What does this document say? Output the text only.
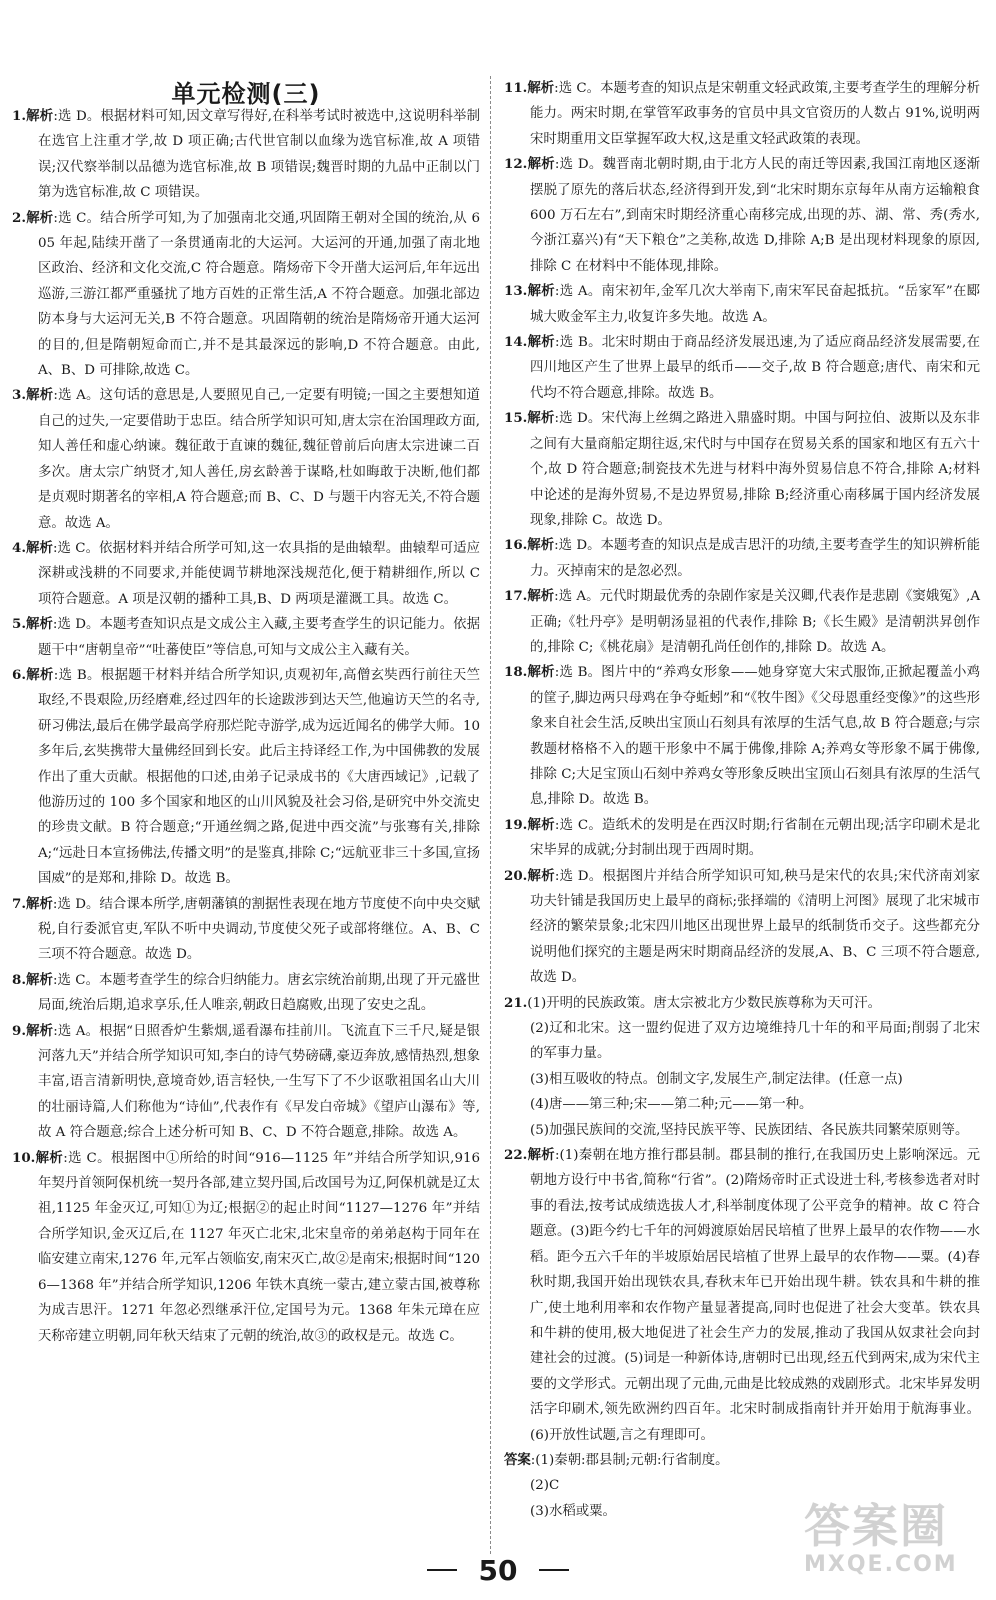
单元检测(三)

1.解析:选 D。根据材料可知,因文章写得好,在科举考试时被选中,这说明科举制在选官上注重才学,故 D 项正确;古代世官制以血缘为选官标准,故 A 项错误;汉代察举制以品德为选官标准,故 B 项错误;魏晋时期的九品中正制以门第为选官标准,故 C 项错误。

2.解析:选 C。结合所学可知,为了加强南北交通,巩固隋王朝对全国的统治,从 605 年起,陆续开凿了一条贯通南北的大运河。大运河的开通,加强了南北地区政治、经济和文化交流,C 符合题意。隋炀帝下令开凿大运河后,年年远出巡游,三游江都严重骚扰了地方百姓的正常生活,A 不符合题意。加强北部边防本身与大运河无关,B 不符合题意。巩固隋朝的统治是隋炀帝开通大运河的目的,但是隋朝短命而亡,并不是其最深远的影响,D 不符合题意。由此,A、B、D 可排除,故选 C。

3.解析:选 A。这句话的意思是,人要照见自己,一定要有明镜;一国之主要想知道自己的过失,一定要借助于忠臣。结合所学知识可知,唐太宗在治国理政方面,知人善任和虚心纳谏。魏征敢于直谏的魏征,魏征曾前后向唐太宗进谏二百多次。唐太宗广纳贤才,知人善任,房玄龄善于谋略,杜如晦敢于决断,他们都是贞观时期著名的宰相,A 符合题意;而 B、C、D 与题干内容无关,不符合题意。故选 A。

4.解析:选 C。依据材料并结合所学可知,这一农具指的是曲辕犁。曲辕犁可适应深耕或浅耕的不同要求,并能使调节耕地深浅规范化,便于精耕细作,所以 C 项符合题意。A 项是汉朝的播种工具,B、D 两项是灌溉工具。故选 C。

5.解析:选 D。本题考查知识点是文成公主入藏,主要考查学生的识记能力。依据题干中“唐朝皇帝”“吐蕃使臣”等信息,可知与文成公主入藏有关。

6.解析:选 B。根据题干材料并结合所学知识,贞观初年,高僧玄奘西行前往天竺取经,不畏艰险,历经磨难,经过四年的长途跋涉到达天竺,他遍访天竺的名寺,研习佛法,最后在佛学最高学府那烂陀寺游学,成为远近闻名的佛学大师。10 多年后,玄奘携带大量佛经回到长安。此后主持译经工作,为中国佛教的发展作出了重大贡献。根据他的口述,由弟子记录成书的《大唐西域记》,记载了他游历过的 100 多个国家和地区的山川风貌及社会习俗,是研究中外交流史的珍贵文献。B 符合题意;“开通丝绸之路,促进中西交流”与张骞有关,排除 A;“远赴日本宣扬佛法,传播文明”的是鉴真,排除 C;“远航亚非三十多国,宣扬国威”的是郑和,排除 D。故选 B。

7.解析:选 D。结合课本所学,唐朝藩镇的割据性表现在地方节度使不向中央交赋税,自行委派官吏,军队不听中央调动,节度使父死子或部将继位。A、B、C 三项不符合题意。故选 D。

8.解析:选 C。本题考查学生的综合归纳能力。唐玄宗统治前期,出现了开元盛世局面,统治后期,追求享乐,任人唯亲,朝政日趋腐败,出现了安史之乱。

9.解析:选 A。根据“日照香炉生紫烟,遥看瀑布挂前川。飞流直下三千尺,疑是银河落九天”并结合所学知识可知,李白的诗气势磅礴,豪迈奔放,感情热烈,想象丰富,语言清新明快,意境奇妙,语言轻快,一生写下了不少讴歌祖国名山大川的壮丽诗篇,人们称他为“诗仙”,代表作有《早发白帝城》《望庐山瀑布》等,故 A 符合题意;综合上述分析可知 B、C、D 不符合题意,排除。故选 A。

10.解析:选 C。根据图中①所给的时间“916—1125 年”并结合所学知识,916 年契丹首领阿保机统一契丹各部,建立契丹国,后改国号为辽,阿保机就是辽太祖,1125 年金灭辽,可知①为辽;根据②的起止时间“1127—1276 年”并结合所学知识,金灭辽后,在 1127 年灭亡北宋,北宋皇帝的弟弟赵构于同年在临安建立南宋,1276 年,元军占领临安,南宋灭亡,故②是南宋;根据时间“1206—1368 年”并结合所学知识,1206 年铁木真统一蒙古,建立蒙古国,被尊称为成吉思汗。1271 年忽必烈继承汗位,定国号为元。1368 年朱元璋在应天称帝建立明朝,同年秋天结束了元朝的统治,故③的政权是元。故选 C。

11.解析:选 C。本题考查的知识点是宋朝重文轻武政策,主要考查学生的理解分析能力。两宋时期,在掌管军政事务的官员中具文官资历的人数占 91%,说明两宋时期重用文臣掌握军政大权,这是重文轻武政策的表现。

12.解析:选 D。魏晋南北朝时期,由于北方人民的南迁等因素,我国江南地区逐渐摆脱了原先的落后状态,经济得到开发,到“北宋时期东京每年从南方运输粮食 600 万石左右”,到南宋时期经济重心南移完成,出现的苏、湖、常、秀(秀水,今浙江嘉兴)有“天下粮仓”之美称,故选 D,排除 A;B 是出现材料现象的原因,排除 C 在材料中不能体现,排除。

13.解析:选 A。南宋初年,金军几次大举南下,南宋军民奋起抵抗。“岳家军”在郾城大败金军主力,收复许多失地。故选 A。

14.解析:选 B。北宋时期由于商品经济发展迅速,为了适应商品经济发展需要,在四川地区产生了世界上最早的纸币——交子,故 B 符合题意;唐代、南宋和元代均不符合题意,排除。故选 B。

15.解析:选 D。宋代海上丝绸之路进入鼎盛时期。中国与阿拉伯、波斯以及东非之间有大量商船定期往返,宋代时与中国存在贸易关系的国家和地区有五六十个,故 D 符合题意;制瓷技术先进与材料中海外贸易信息不符合,排除 A;材料中论述的是海外贸易,不是边界贸易,排除 B;经济重心南移属于国内经济发展现象,排除 C。故选 D。

16.解析:选 D。本题考查的知识点是成吉思汗的功绩,主要考查学生的知识辨析能力。灭掉南宋的是忽必烈。

17.解析:选 A。元代时期最优秀的杂剧作家是关汉卿,代表作是悲剧《窦娥冤》,A 正确;《牡丹亭》是明朝汤显祖的代表作,排除 B;《长生殿》是清朝洪昇创作的,排除 C;《桃花扇》是清朝孔尚任创作的,排除 D。故选 A。

18.解析:选 B。图片中的“养鸡女形象——她身穿宽大宋式服饰,正掀起覆盖小鸡的筐子,脚边两只母鸡在争夺蚯蚓”和“《牧牛图》《父母恩重经变像》”的这些形象来自社会生活,反映出宝顶山石刻具有浓厚的生活气息,故 B 符合题意;与宗教题材格格不入的题干形象中不属于佛像,排除 A;养鸡女等形象不属于佛像,排除 C;大足宝顶山石刻中养鸡女等形象反映出宝顶山石刻具有浓厚的生活气息,排除 D。故选 B。

19.解析:选 C。造纸术的发明是在西汉时期;行省制在元朝出现;活字印刷术是北宋毕昇的成就;分封制出现于西周时期。

20.解析:选 D。根据图片并结合所学知识可知,秧马是宋代的农具;宋代济南刘家功夫针铺是我国历史上最早的商标;张择端的《清明上河图》展现了北宋城市经济的繁荣景象;北宋四川地区出现世界上最早的纸制货币交子。这些都充分说明他们探究的主题是两宋时期商品经济的发展,A、B、C 三项不符合题意,故选 D。

21.(1)开明的民族政策。唐太宗被北方少数民族尊称为天可汗。

(2)辽和北宋。这一盟约促进了双方边境维持几十年的和平局面;削弱了北宋的军事力量。

(3)相互吸收的特点。创制文字,发展生产,制定法律。(任意一点)

(4)唐——第三种;宋——第二种;元——第一种。

(5)加强民族间的交流,坚持民族平等、民族团结、各民族共同繁荣原则等。

22.解析:(1)秦朝在地方推行郡县制。郡县制的推行,在我国历史上影响深远。元朝地方设行中书省,简称“行省”。(2)隋炀帝时正式设进士科,考核参选者对时事的看法,按考试成绩选拔人才,科举制度体现了公平竞争的精神。故 C 符合题意。(3)距今约七千年的河姆渡原始居民培植了世界上最早的农作物——水稻。距今五六千年的半坡原始居民培植了世界上最早的农作物——粟。(4)春秋时期,我国开始出现铁农具,春秋末年已开始出现牛耕。铁农具和牛耕的推广,使土地利用率和农作物产量显著提高,同时也促进了社会大变革。铁农具和牛耕的使用,极大地促进了社会生产力的发展,推动了我国从奴隶社会向封建社会的过渡。(5)词是一种新体诗,唐朝时已出现,经五代到两宋,成为宋代主要的文学形式。元朝出现了元曲,元曲是比较成熟的戏剧形式。北宋毕昇发明活字印刷术,领先欧洲约四百年。北宋时制成指南针并开始用于航海事业。(6)开放性试题,言之有理即可。

答案:(1)秦朝:郡县制;元朝:行省制度。

(2)C

(3)水稻或粟。

50
答案圈
MXQE.COM
